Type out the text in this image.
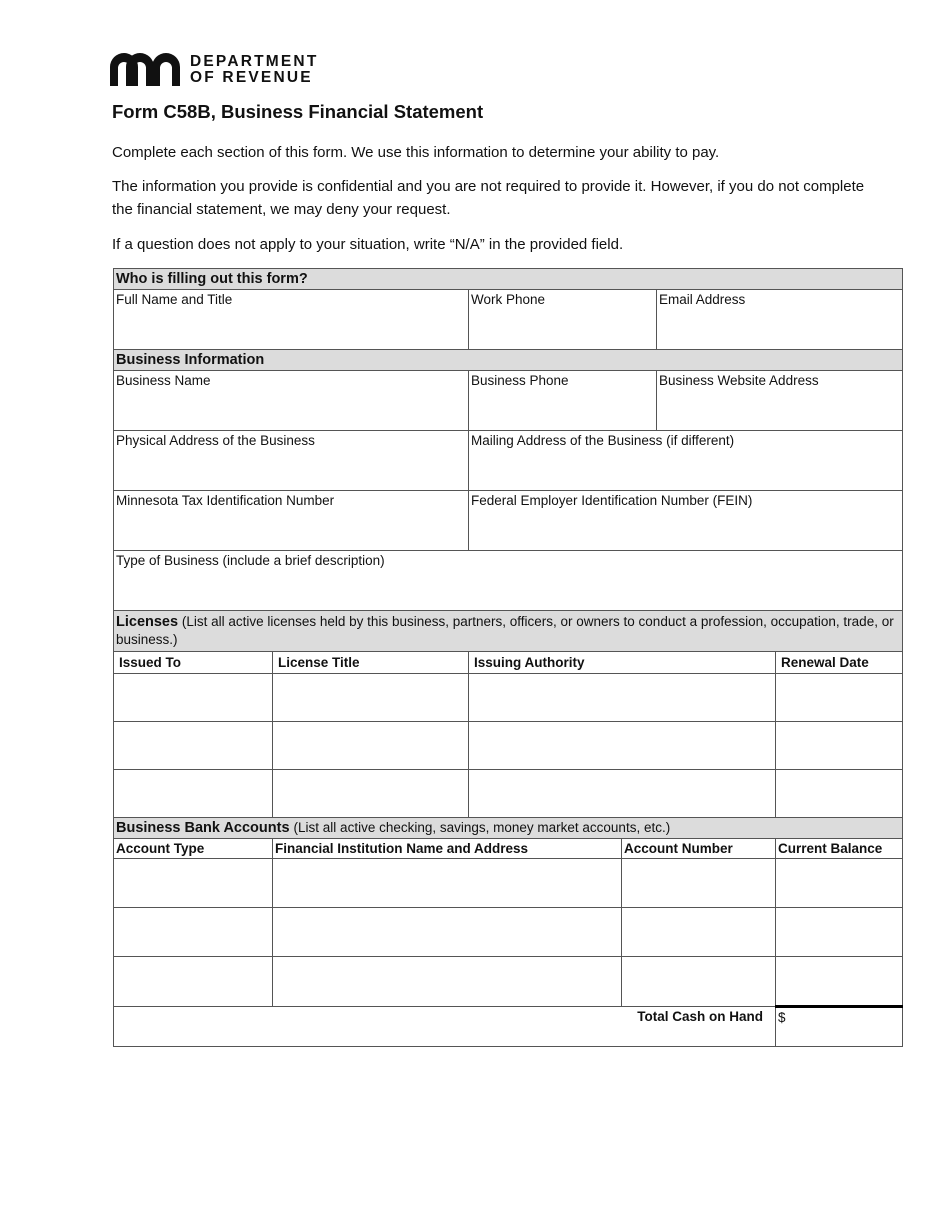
DEPARTMENT
OF REVENUE
Form C58B, Business Financial Statement
Complete each section of this form. We use this information to determine your ability to pay.
The information you provide is confidential and you are not required to provide it. However, if you do not complete the financial statement, we may deny your request.
If a question does not apply to your situation, write “N/A” in the provided field.
Who is filling out this form?					
Full Name and Title		Work Phone		Email Address	
Business Information					
Business Name		Business Phone		Business Website Address	
Physical Address of the Business		Mailing Address of the Business (if different)			
Minnesota Tax Identification Number		Federal Employer Identification Number (FEIN)			
Type of Business (include a brief description)					
Licenses (List all active licenses held by this business, partners, officers, or owners to conduct a profession, occupation, trade, or business.)					
Issued To	License Title	Issuing Authority			Renewal Date

Business Bank Accounts (List all active checking, savings, money market accounts, etc.)					
Account Type	Financial Institution Name and Address		Account Number		Current Balance

Total Cash on Hand					$
